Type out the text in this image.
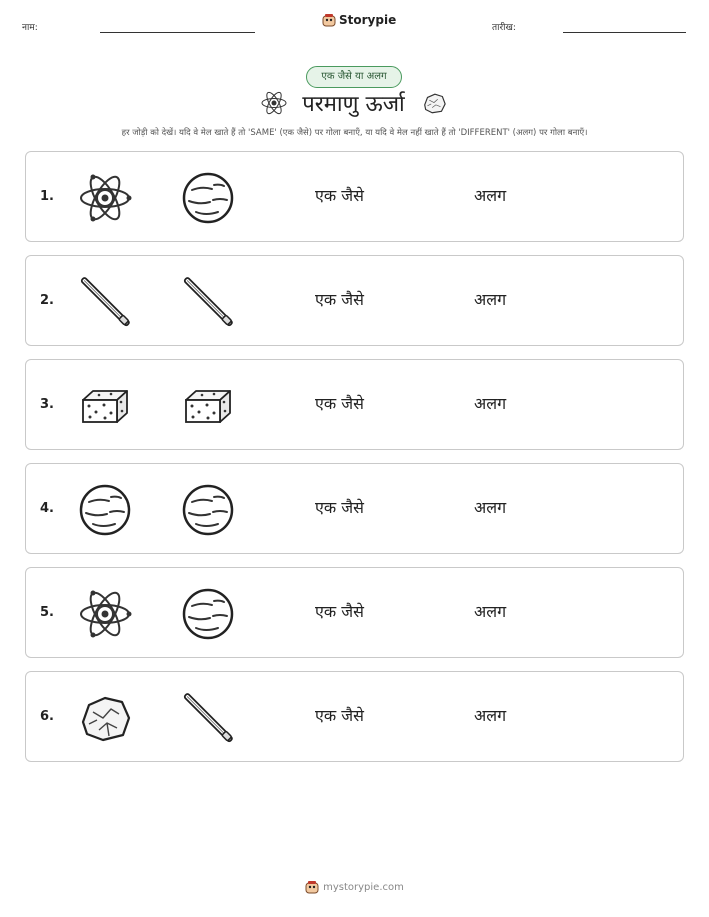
नाम:
Storypie
तारीख:
एक जैसे या अलग
परमाणु ऊर्जा
हर जोड़ी को देखें। यदि वे मेल खाते हैं तो 'SAME' (एक जैसे) पर गोला बनाएँ, या यदि वे मेल नहीं खाते हैं तो 'DIFFERENT' (अलग) पर गोला बनाएँ।
1.	एक जैसे	अलग
2.	एक जैसे	अलग
3.	एक जैसे	अलग
4.	एक जैसे	अलग
5.	एक जैसे	अलग
6.	एक जैसे	अलग
mystorypie.com
